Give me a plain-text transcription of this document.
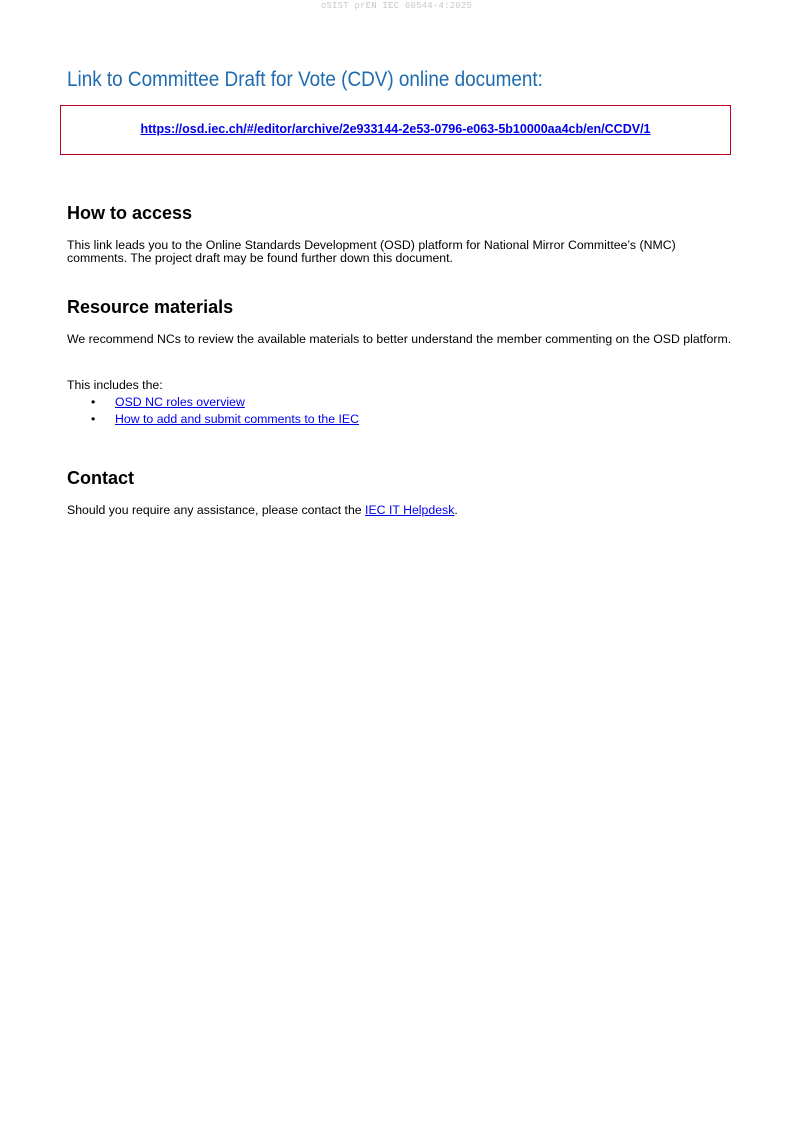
oSIST prEN IEC 60544-4:2025
Link to Committee Draft for Vote (CDV) online document:
https://osd.iec.ch/#/editor/archive/2e933144-2e53-0796-e063-5b10000aa4cb/en/CCDV/1
How to access

This link leads you to the Online Standards Development (OSD) platform for National Mirror Committee’s (NMC) comments. The project draft may be found further down this document.

Resource materials

We recommend NCs to review the available materials to better understand the member commenting on the OSD platform.

This includes the:

• OSD NC roles overview
• How to add and submit comments to the IEC
Contact

Should you require any assistance, please contact the IEC IT Helpdesk.
